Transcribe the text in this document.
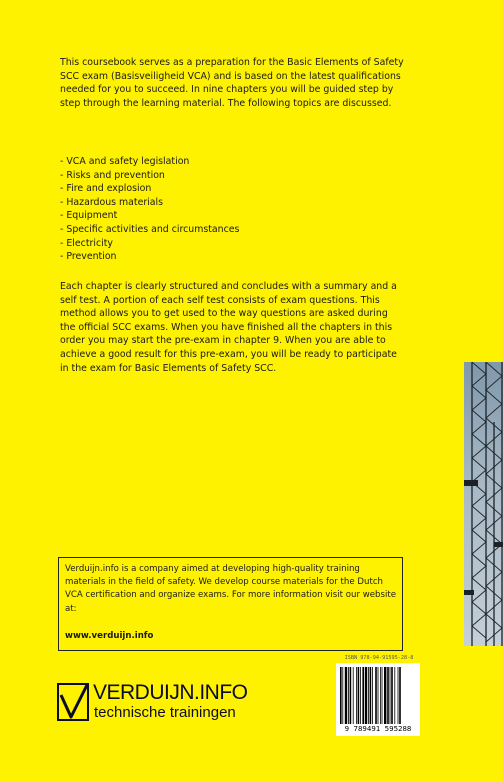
This coursebook serves as a preparation for the Basic Elements of Safety SCC exam (Basisveiligheid VCA) and is based on the latest qualifications needed for you to succeed. In nine chapters you will be guided step by step through the learning material. The following topics are discussed.

- VCA and safety legislation
- Risks and prevention
- Fire and explosion
- Hazardous materials
- Equipment
- Specific activities and circumstances
- Electricity
- Prevention

Each chapter is clearly structured and concludes with a summary and a self test. A portion of each self test consists of exam questions. This method allows you to get used to the way questions are asked during the official SCC exams. When you have finished all the chapters in this order you may start the pre-exam in chapter 9. When you are able to achieve a good result for this pre-exam, you will be ready to participate in the exam for Basic Elements of Safety SCC.

Verduijn.info is a company aimed at developing high-quality training materials in the field of safety. We develop course materials for the Dutch VCA certification and organize exams. For more information visit our website at:

www.verduijn.info
VERDUIJN.INFO
technische trainingen
ISBN 978-94-91595-28-8
9 789491 595288
